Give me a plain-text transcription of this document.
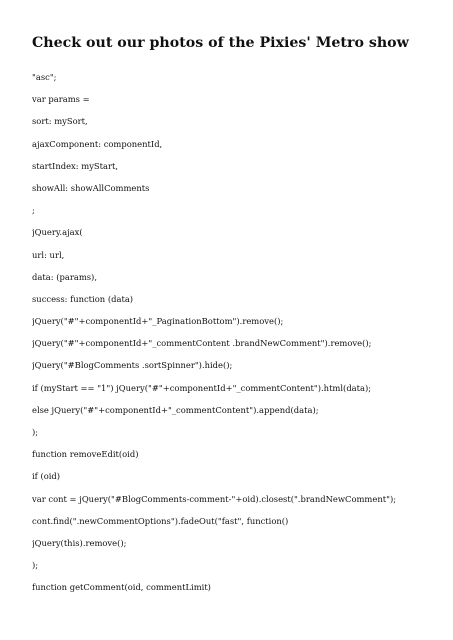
Check out our photos of the Pixies' Metro show
"asc";
var params =
sort: mySort,
ajaxComponent: componentId,
startIndex: myStart,
showAll: showAllComments
;
jQuery.ajax(
url: url,
data: (params),
success: function (data)
jQuery("#"+componentId+"_PaginationBottom").remove();
jQuery("#"+componentId+"_commentContent .brandNewComment").remove();
jQuery("#BlogComments .sortSpinner").hide();
if (myStart == "1") jQuery("#"+componentId+"_commentContent").html(data);
else jQuery("#"+componentId+"_commentContent").append(data);
);
function removeEdit(oid)
if (oid)
var cont = jQuery("#BlogComments-comment-"+oid).closest(".brandNewComment");
cont.find(".newCommentOptions").fadeOut("fast", function()
jQuery(this).remove();
);
function getComment(oid, commentLimit)
